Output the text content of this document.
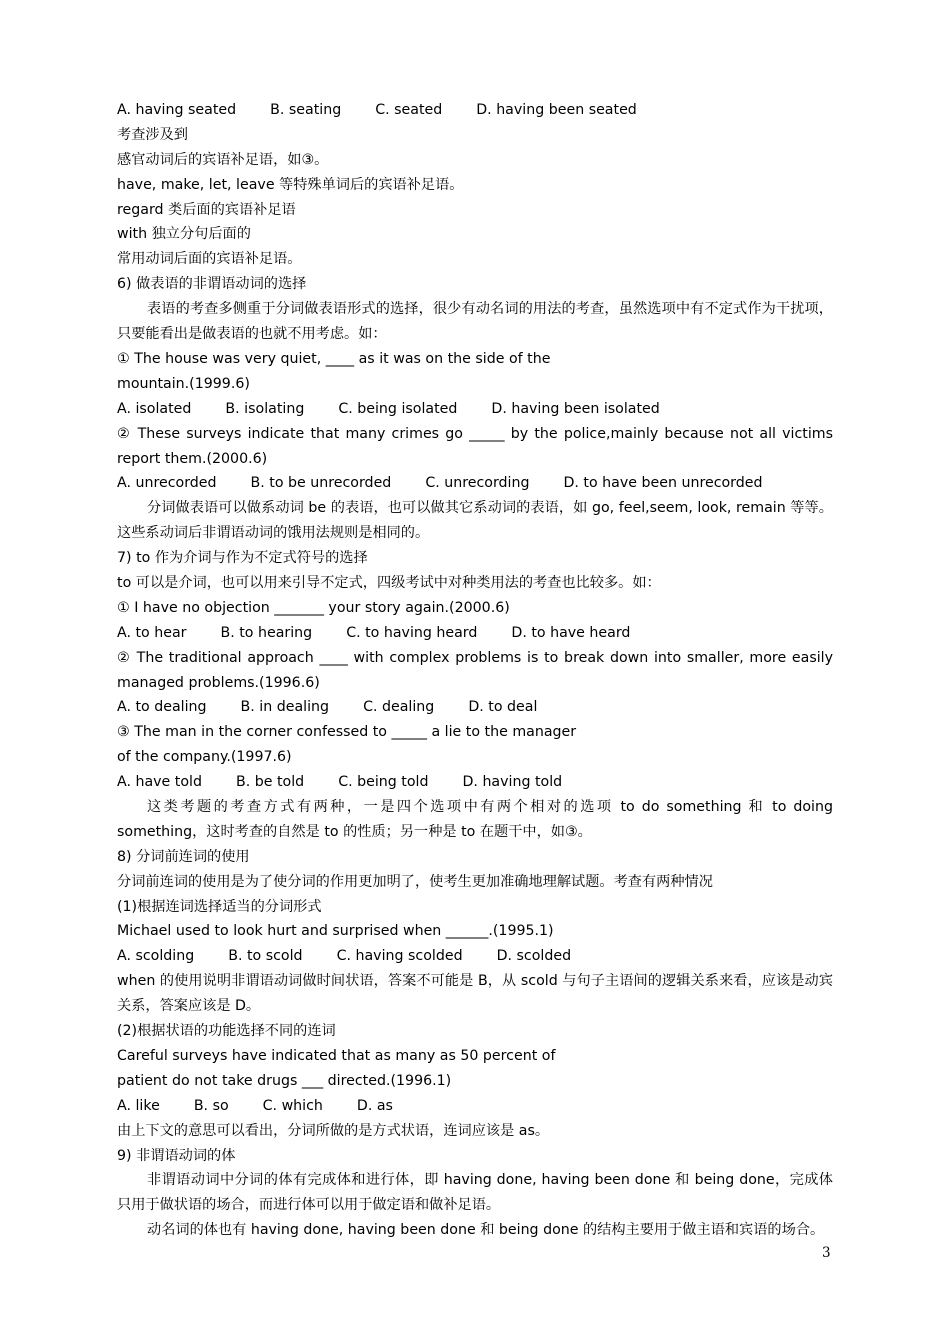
A. having seated B. seating C. seated D. having been seated
考查涉及到
感官动词后的宾语补足语，如③。
have, make, let, leave 等特殊单词后的宾语补足语。
regard 类后面的宾语补足语
with 独立分句后面的
常用动词后面的宾语补足语。
6) 做表语的非谓语动词的选择
表语的考查多侧重于分词做表语形式的选择，很少有动名词的用法的考查，虽然选项中有不定式作为干扰项，只要能看出是做表语的也就不用考虑。如：
① The house was very quiet, ____ as it was on the side of the
mountain.(1999.6)
A. isolated B. isolating C. being isolated D. having been isolated
② These surveys indicate that many crimes go _____ by the police,mainly because not all victims report them.(2000.6)
A. unrecorded B. to be unrecorded C. unrecording D. to have been unrecorded
分词做表语可以做系动词 be 的表语，也可以做其它系动词的表语，如 go, feel,seem, look, remain 等等。这些系动词后非谓语动词的饿用法规则是相同的。
7) to 作为介词与作为不定式符号的选择
to 可以是介词，也可以用来引导不定式，四级考试中对种类用法的考查也比较多。如：
① I have no objection _______ your story again.(2000.6)
A. to hear B. to hearing C. to having heard D. to have heard
② The traditional approach ____ with complex problems is to break down into smaller, more easily managed problems.(1996.6)
A. to dealing B. in dealing C. dealing D. to deal
③ The man in the corner confessed to _____ a lie to the manager
of the company.(1997.6)
A. have told B. be told C. being told D. having told
这类考题的考查方式有两种，一是四个选项中有两个相对的选项 to do something 和 to doing something，这时考查的自然是 to 的性质；另一种是 to 在题干中，如③。
8) 分词前连词的使用
分词前连词的使用是为了使分词的作用更加明了，使考生更加准确地理解试题。考查有两种情况
(1)根据连词选择适当的分词形式
Michael used to look hurt and surprised when ______.(1995.1)
A. scolding B. to scold C. having scolded D. scolded
when 的使用说明非谓语动词做时间状语，答案不可能是 B，从 scold 与句子主语间的逻辑关系来看，应该是动宾关系，答案应该是 D。
(2)根据状语的功能选择不同的连词
Careful surveys have indicated that as many as 50 percent of
patient do not take drugs ___ directed.(1996.1)
A. like B. so C. which D. as
由上下文的意思可以看出，分词所做的是方式状语，连词应该是 as。
9) 非谓语动词的体
非谓语动词中分词的体有完成体和进行体，即 having done, having been done 和 being done，完成体只用于做状语的场合，而进行体可以用于做定语和做补足语。
动名词的体也有 having done, having been done 和 being done 的结构主要用于做主语和宾语的场合。
3
